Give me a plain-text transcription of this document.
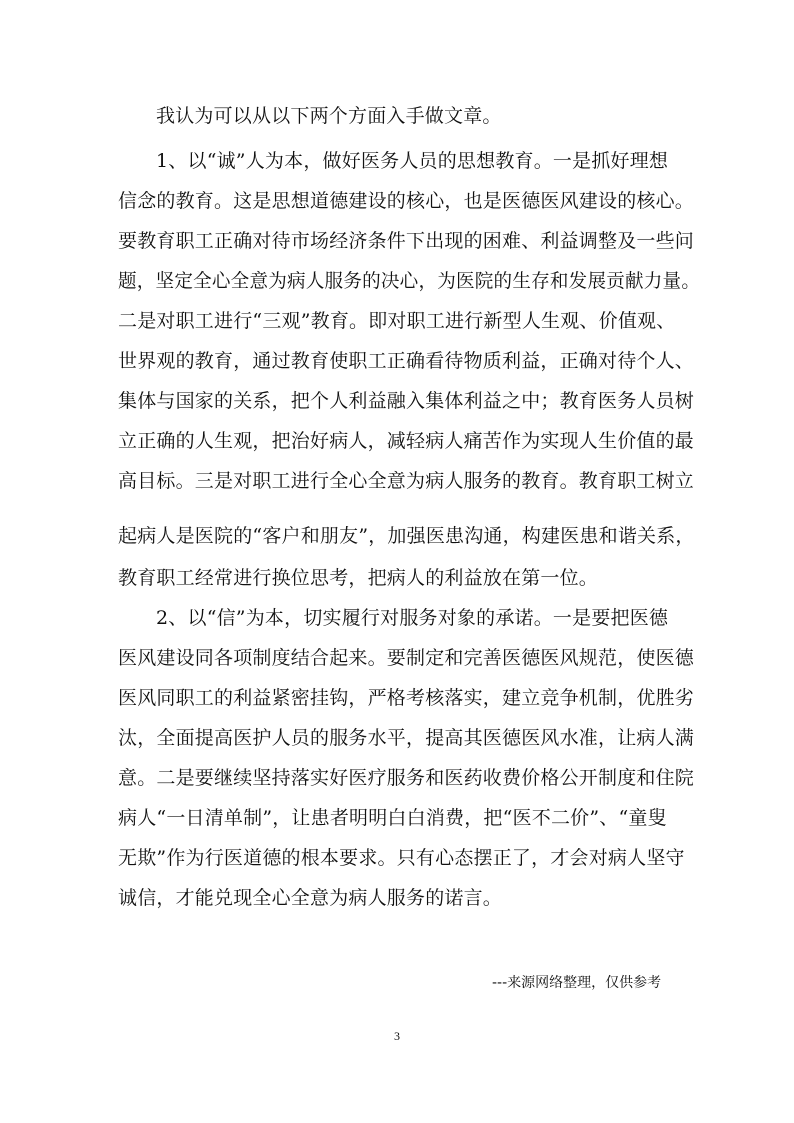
我认为可以从以下两个方面入手做文章。
1、以“诚”人为本，做好医务人员的思想教育。一是抓好理想
信念的教育。这是思想道德建设的核心，也是医德医风建设的核心。
要教育职工正确对待市场经济条件下出现的困难、利益调整及一些问
题，坚定全心全意为病人服务的决心，为医院的生存和发展贡献力量。
二是对职工进行“三观”教育。即对职工进行新型人生观、价值观、
世界观的教育，通过教育使职工正确看待物质利益，正确对待个人、
集体与国家的关系，把个人利益融入集体利益之中；教育医务人员树
立正确的人生观，把治好病人，减轻病人痛苦作为实现人生价值的最
高目标。三是对职工进行全心全意为病人服务的教育。教育职工树立
起病人是医院的“客户和朋友”，加强医患沟通，构建医患和谐关系，
教育职工经常进行换位思考，把病人的利益放在第一位。
2、以“信”为本，切实履行对服务对象的承诺。一是要把医德
医风建设同各项制度结合起来。要制定和完善医德医风规范，使医德
医风同职工的利益紧密挂钩，严格考核落实，建立竞争机制，优胜劣
汰，全面提高医护人员的服务水平，提高其医德医风水准，让病人满
意。二是要继续坚持落实好医疗服务和医药收费价格公开制度和住院
病人“一日清单制”，让患者明明白白消费，把“医不二价”、“童叟
无欺”作为行医道德的根本要求。只有心态摆正了，才会对病人坚守
诚信，才能兑现全心全意为病人服务的诺言。
---来源网络整理，仅供参考
3
